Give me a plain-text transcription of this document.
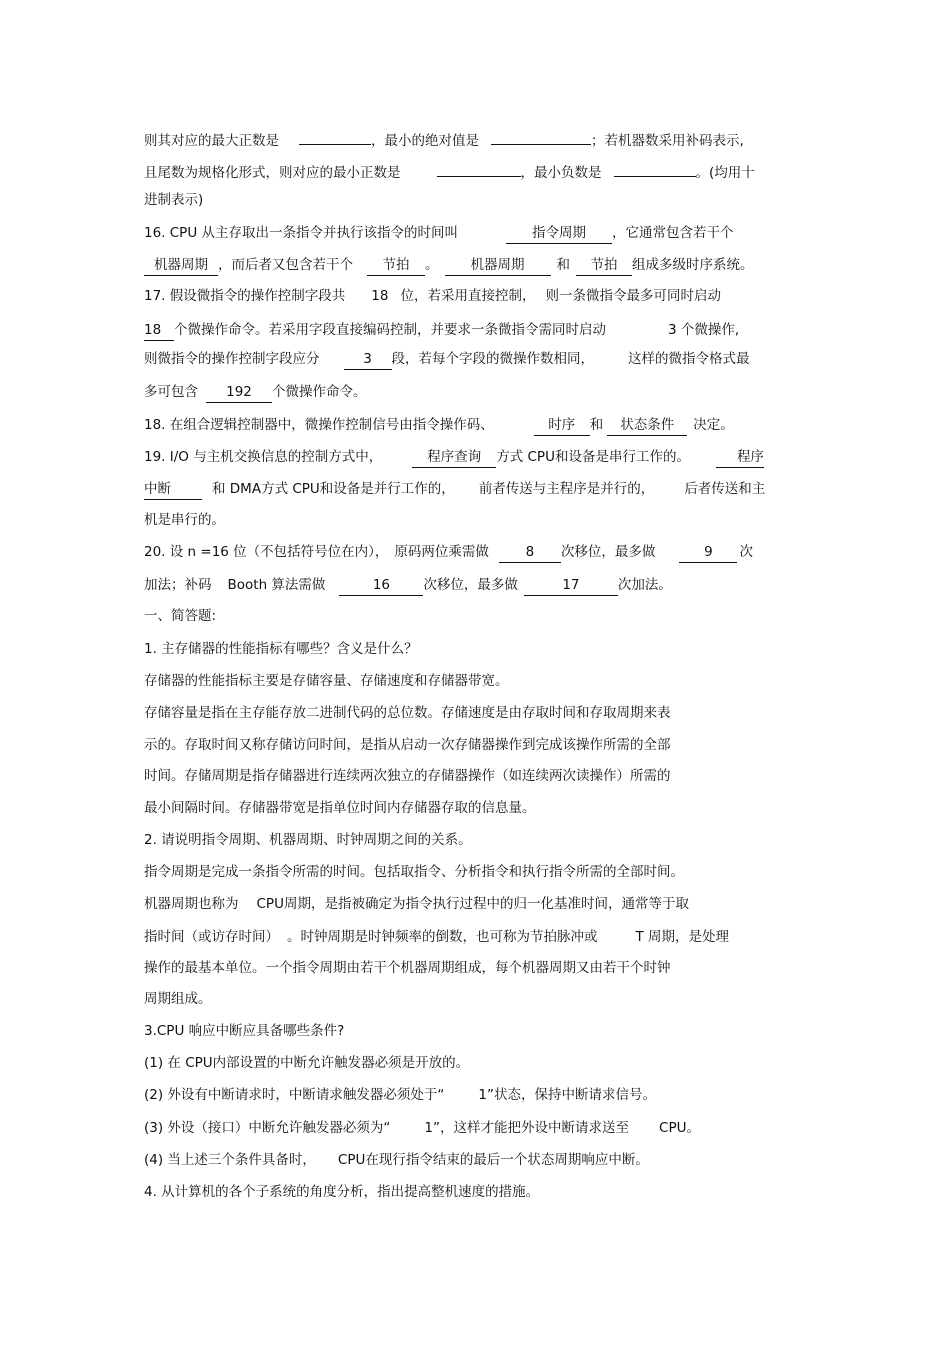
则其对应的最大正数是	，最小的绝对值是	；若机器数采用补码表示,
且尾数为规格化形式，则对应的最小正数是	，最小负数是	。(均用十
进制表示)
16. CPU 从主存取出一条指令并执行该指令的时间叫	指令周期 ，它通常包含若干个
机器周期 ，而后者又包含若干个 节拍 。 机器周期 和 节拍 组成多级时序系统。
17. 假设微指令的操作控制字段共 18 位，若采用直接控制， 则一条微指令最多可同时启动
18 个微操作命令。若采用字段直接编码控制，并要求一条微指令需同时启动	3 个微操作,
则微指令的操作控制字段应分	3 段，若每个字段的微操作数相同，	这样的微指令格式最
多可包含 192 个微操作命令。
18. 在组合逻辑控制器中，微操作控制信号由指令操作码、	时序 和 状态条件 决定。
19. I/O 与主机交换信息的控制方式中，	程序查询 方式 CPU和设备是串行工作的。	程序
中断	和 DMA方式 CPU和设备是并行工作的， 前者传送与主程序是并行的， 后者传送和主
机是串行的。
20. 设 n =16 位（不包括符号位在内）， 原码两位乘需做	8 次移位，最多做	9 次
加法；补码 Booth 算法需做	16 次移位，最多做	17	次加法。
一、简答题:
1. 主存储器的性能指标有哪些？含义是什么？
存储器的性能指标主要是存储容量、存储速度和存储器带宽。
存储容量是指在主存能存放二进制代码的总位数。存储速度是由存取时间和存取周期来表
示的。存取时间又称存储访问时间，是指从启动一次存储器操作到完成该操作所需的全部
时间。存储周期是指存储器进行连续两次独立的存储器操作（如连续两次读操作）所需的
最小间隔时间。存储器带宽是指单位时间内存储器存取的信息量。
2. 请说明指令周期、机器周期、时钟周期之间的关系。
指令周期是完成一条指令所需的时间。包括取指令、分析指令和执行指令所需的全部时间。
机器周期也称为 CPU周期，是指被确定为指令执行过程中的归一化基准时间，通常等于取
指时间（或访存时间） 。时钟周期是时钟频率的倒数，也可称为节拍脉冲或	T 周期，是处理
操作的最基本单位。一个指令周期由若干个机器周期组成，每个机器周期又由若干个时钟
周期组成。
3.CPU 响应中断应具备哪些条件?
(1) 在 CPU内部设置的中断允许触发器必须是开放的。
(2) 外设有中断请求时，中断请求触发器必须处于“	1”状态，保持中断请求信号。
(3) 外设（接口）中断允许触发器必须为“	1”，这样才能把外设中断请求送至 CPU。
(4) 当上述三个条件具备时， CPU在现行指令结束的最后一个状态周期响应中断。
4. 从计算机的各个子系统的角度分析，指出提高整机速度的措施。
